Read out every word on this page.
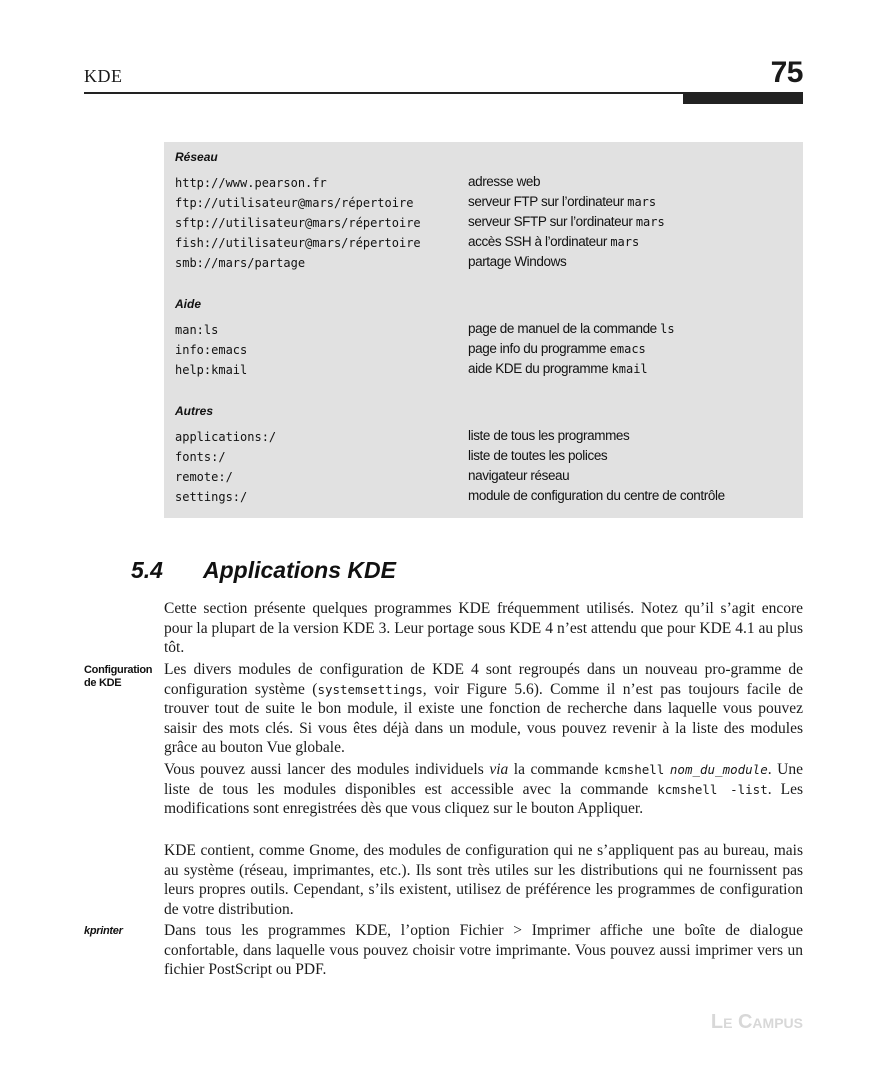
KDE	75
Réseau
http://www.pearson.fr	adresse web
ftp://utilisateur@mars/répertoire	serveur FTP sur l’ordinateur mars
sftp://utilisateur@mars/répertoire	serveur SFTP sur l’ordinateur mars
fish://utilisateur@mars/répertoire	accès SSH à l’ordinateur mars
smb://mars/partage	partage Windows
Aide
man:ls	page de manuel de la commande ls
info:emacs	page info du programme emacs
help:kmail	aide KDE du programme kmail
Autres
applications:/	liste de tous les programmes
fonts:/	liste de toutes les polices
remote:/	navigateur réseau
settings:/	module de configuration du centre de contrôle
5.4 Applications KDE
Cette section présente quelques programmes KDE fréquemment utilisés. Notez qu’il s’agit encore pour la plupart de la version KDE 3. Leur portage sous KDE 4 n’est attendu que pour KDE 4.1 au plus tôt.
Configuration de KDE
Les divers modules de configuration de KDE 4 sont regroupés dans un nouveau pro-gramme de configuration système (systemsettings, voir Figure 5.6). Comme il n’est pas toujours facile de trouver tout de suite le bon module, il existe une fonction de recherche dans laquelle vous pouvez saisir des mots clés. Si vous êtes déjà dans un module, vous pouvez revenir à la liste des modules grâce au bouton Vue globale.
Vous pouvez aussi lancer des modules individuels via la commande kcmshell nom_du_module. Une liste de tous les modules disponibles est accessible avec la commande kcmshell -list. Les modifications sont enregistrées dès que vous cliquez sur le bouton Appliquer.
KDE contient, comme Gnome, des modules de configuration qui ne s’appliquent pas au bureau, mais au système (réseau, imprimantes, etc.). Ils sont très utiles sur les distributions qui ne fournissent pas leurs propres outils. Cependant, s’ils existent, utilisez de préférence les programmes de configuration de votre distribution.
kprinter	Dans tous les programmes KDE, l’option Fichier > Imprimer affiche une boîte de dialogue confortable, dans laquelle vous pouvez choisir votre imprimante. Vous pouvez aussi imprimer vers un fichier PostScript ou PDF.
Le Campus
